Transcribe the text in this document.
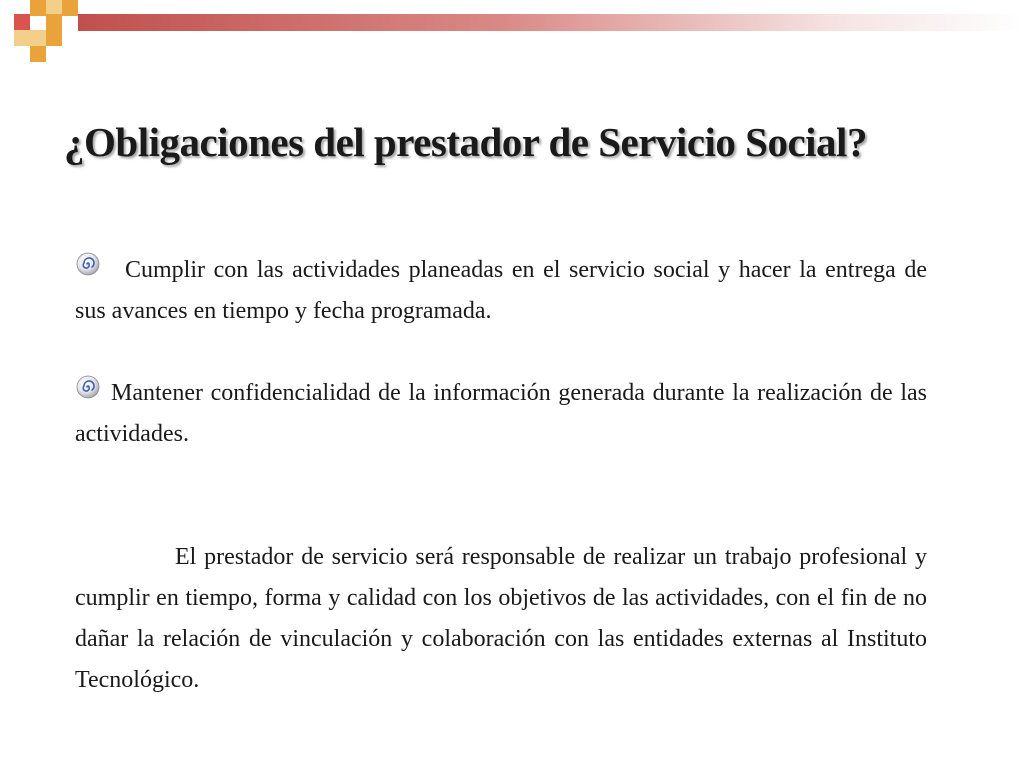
¿Obligaciones del prestador de Servicio Social?

Cumplir con las actividades planeadas en el servicio social y hacer la entrega de sus avances en tiempo y fecha programada.

Mantener confidencialidad de la información generada durante la realización de las actividades.

El prestador de servicio será responsable de realizar un trabajo profesional y cumplir en tiempo, forma y calidad con los objetivos de las actividades, con el fin de no dañar la relación de vinculación y colaboración con las entidades externas al Instituto Tecnológico.
